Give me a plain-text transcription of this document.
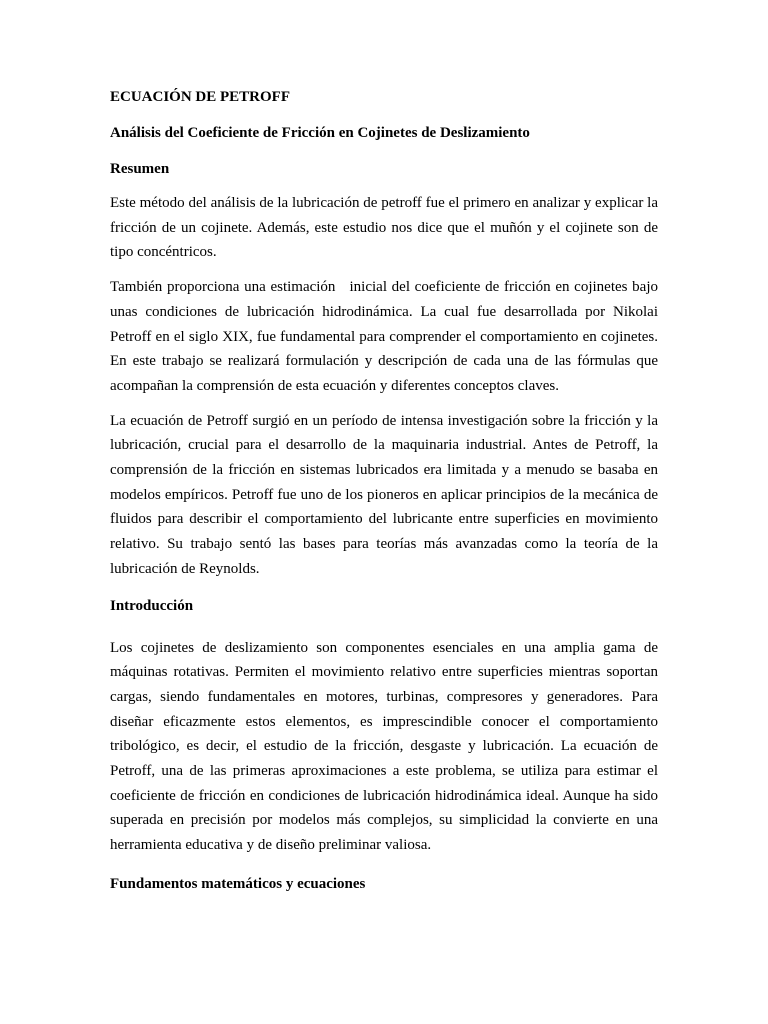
ECUACIÓN DE PETROFF

Análisis del Coeficiente de Fricción en Cojinetes de Deslizamiento

Resumen

Este método del análisis de la lubricación de petroff fue el primero en analizar y explicar la fricción de un cojinete. Además, este estudio nos dice que el muñón y el cojinete son de tipo concéntricos.

También proporciona una estimación   inicial del coeficiente de fricción en cojinetes bajo unas condiciones de lubricación hidrodinámica. La cual fue desarrollada por Nikolai Petroff en el siglo XIX, fue fundamental para comprender el comportamiento en cojinetes. En este trabajo se realizará formulación y descripción de cada una de las fórmulas que acompañan la comprensión de esta ecuación y diferentes conceptos claves.

La ecuación de Petroff surgió en un período de intensa investigación sobre la fricción y la lubricación, crucial para el desarrollo de la maquinaria industrial. Antes de Petroff, la comprensión de la fricción en sistemas lubricados era limitada y a menudo se basaba en modelos empíricos. Petroff fue uno de los pioneros en aplicar principios de la mecánica de fluidos para describir el comportamiento del lubricante entre superficies en movimiento relativo. Su trabajo sentó las bases para teorías más avanzadas como la teoría de la lubricación de Reynolds.

Introducción

Los cojinetes de deslizamiento son componentes esenciales en una amplia gama de máquinas rotativas. Permiten el movimiento relativo entre superficies mientras soportan cargas, siendo fundamentales en motores, turbinas, compresores y generadores. Para diseñar eficazmente estos elementos, es imprescindible conocer el comportamiento tribológico, es decir, el estudio de la fricción, desgaste y lubricación. La ecuación de Petroff, una de las primeras aproximaciones a este problema, se utiliza para estimar el coeficiente de fricción en condiciones de lubricación hidrodinámica ideal. Aunque ha sido superada en precisión por modelos más complejos, su simplicidad la convierte en una herramienta educativa y de diseño preliminar valiosa.

Fundamentos matemáticos y ecuaciones
